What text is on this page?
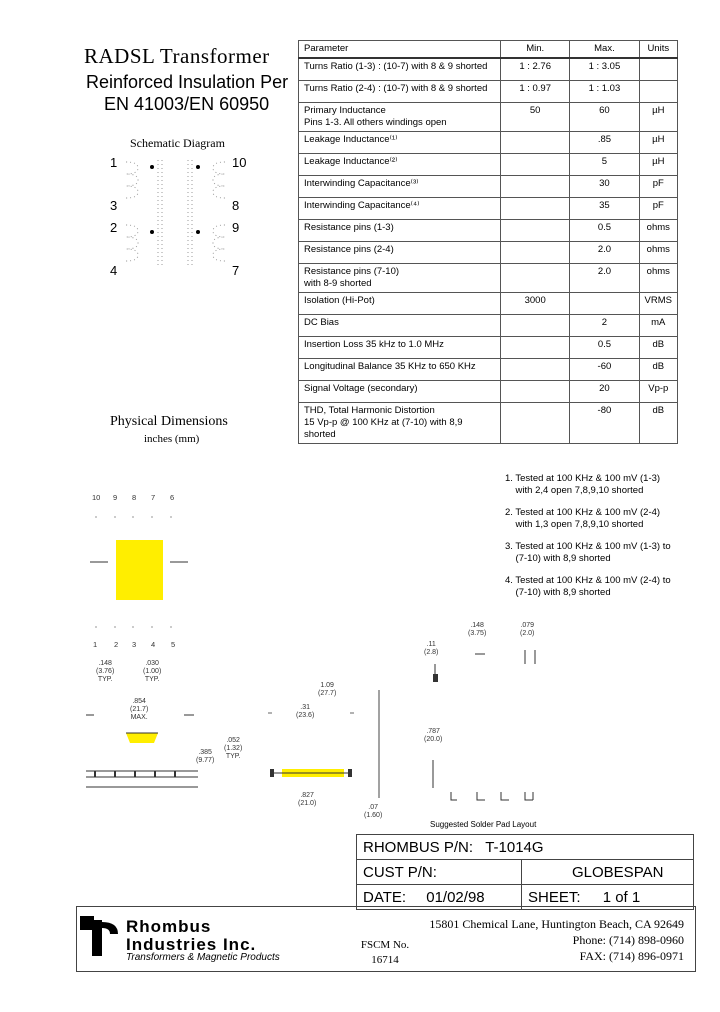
RADSL Transformer
Reinforced Insulation Per
EN 41003/EN 60950
Schematic Diagram
1	10
3	8
2	9
4	7
Parameter	Min.	Max.	Units
Turns Ratio (1-3) : (10-7) with 8 & 9 shorted	1 : 2.76	1 : 3.05	
Turns Ratio (2-4) : (10-7) with 8 & 9 shorted	1 : 0.97	1 : 1.03	
Primary Inductance
Pins 1-3. All others windings open	50	60	µH
Leakage Inductance⁽¹⁾		.85	µH
Leakage Inductance⁽²⁾		5	µH
Interwinding Capacitance⁽³⁾		30	pF
Interwinding Capacitance⁽⁴⁾		35	pF
Resistance pins (1-3)		0.5	ohms
Resistance pins (2-4)		2.0	ohms
Resistance pins (7-10)
with 8-9 shorted		2.0	ohms
Isolation (Hi-Pot)	3000		VRMS
DC Bias		2	mA
Insertion Loss 35 kHz to 1.0 MHz		0.5	dB
Longitudinal Balance 35 KHz to 650 KHz		-60	dB
Signal Voltage (secondary)		20	Vp-p
THD, Total Harmonic Distortion
15 Vp-p @ 100 KHz at (7-10) with 8,9 shorted		-80	dB
1. Tested at 100 KHz & 100 mV (1-3)
with 2,4 open 7,8,9,10 shorted
2. Tested at 100 KHz & 100 mV (2-4)
with 1,3 open 7,8,9,10 shorted
3. Tested at 100 KHz & 100 mV (1-3) to
(7-10) with 8,9 shorted
4. Tested at 100 KHz & 100 mV (2-4) to
(7-10) with 8,9 shorted
Physical Dimensions
inches (mm)
10 9 8 7 6
1 2 3 4 5
.148
(3.76)
TYP.
.030
(1.00)
TYP.
.854
(21.7)
MAX.
.385
(9.77)
.052
(1.32)
TYP.
1.09
(27.7)
.31
(23.6)
.827
(21.0)
.07
(1.60)
.11
(2.8)
.148
(3.75)
.079
(2.0)
.787
(20.0)
Suggested Solder Pad Layout
RHOMBUS P/N: T-1014G	
CUST P/N:	GLOBESPAN
DATE: 01/02/98	SHEET: 1 of 1
Rhombus
Industries Inc.
Transformers & Magnetic Products
FSCM No.
16714
15801 Chemical Lane, Huntington Beach, CA 92649
Phone: (714) 898-0960
FAX: (714) 896-0971
